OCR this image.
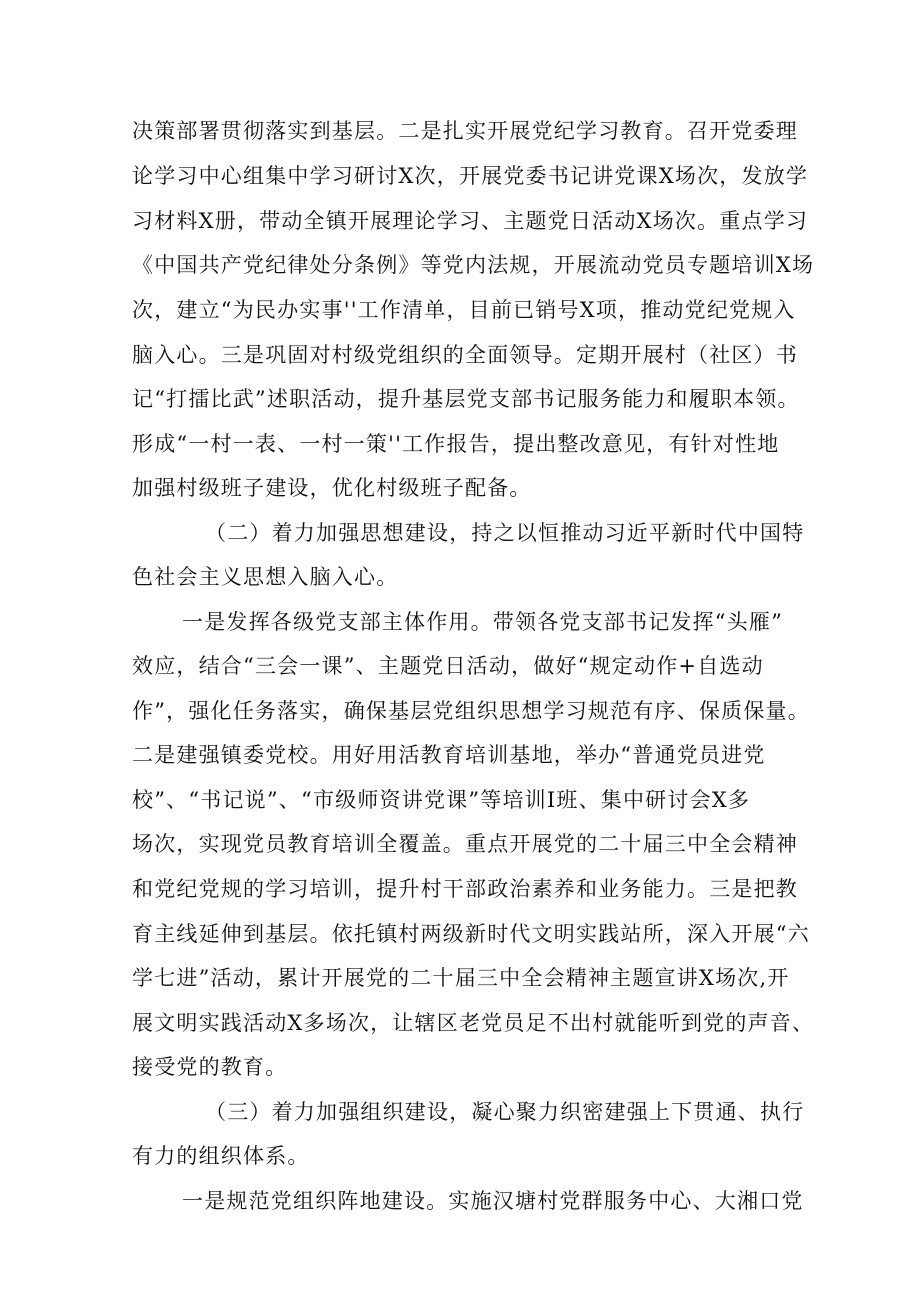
决策部署贯彻落实到基层。二是扎实开展党纪学习教育。召开党委理
论学习中心组集中学习研讨X次，开展党委书记讲党课X场次，发放学
习材料X册，带动全镇开展理论学习、主题党日活动X场次。重点学习
《中国共产党纪律处分条例》等党内法规，开展流动党员专题培训X场
次，建立“为民办实事''工作清单，目前已销号X项，推动党纪党规入
脑入心。三是巩固对村级党组织的全面领导。定期开展村（社区）书
记“打擂比武”述职活动，提升基层党支部书记服务能力和履职本领。
形成“一村一表、一村一策''工作报告，提出整改意见，有针对性地
加强村级班子建设，优化村级班子配备。
（二）着力加强思想建设，持之以恒推动习近平新时代中国特
色社会主义思想入脑入心。
一是发挥各级党支部主体作用。带领各党支部书记发挥“头雁”
效应，结合“三会一课”、主题党日活动，做好“规定动作+自选动
作”，强化任务落实，确保基层党组织思想学习规范有序、保质保量。
二是建强镇委党校。用好用活教育培训基地，举办“普通党员进党
校”、“书记说”、“市级师资讲党课”等培训I班、集中研讨会X多
场次，实现党员教育培训全覆盖。重点开展党的二十届三中全会精神
和党纪党规的学习培训，提升村干部政治素养和业务能力。三是把教
育主线延伸到基层。依托镇村两级新时代文明实践站所，深入开展“六
学七进”活动，累计开展党的二十届三中全会精神主题宣讲X场次,开
展文明实践活动X多场次，让辖区老党员足不出村就能听到党的声音、
接受党的教育。
（三）着力加强组织建设，凝心聚力织密建强上下贯通、执行
有力的组织体系。
一是规范党组织阵地建设。实施汉塘村党群服务中心、大湘口党
